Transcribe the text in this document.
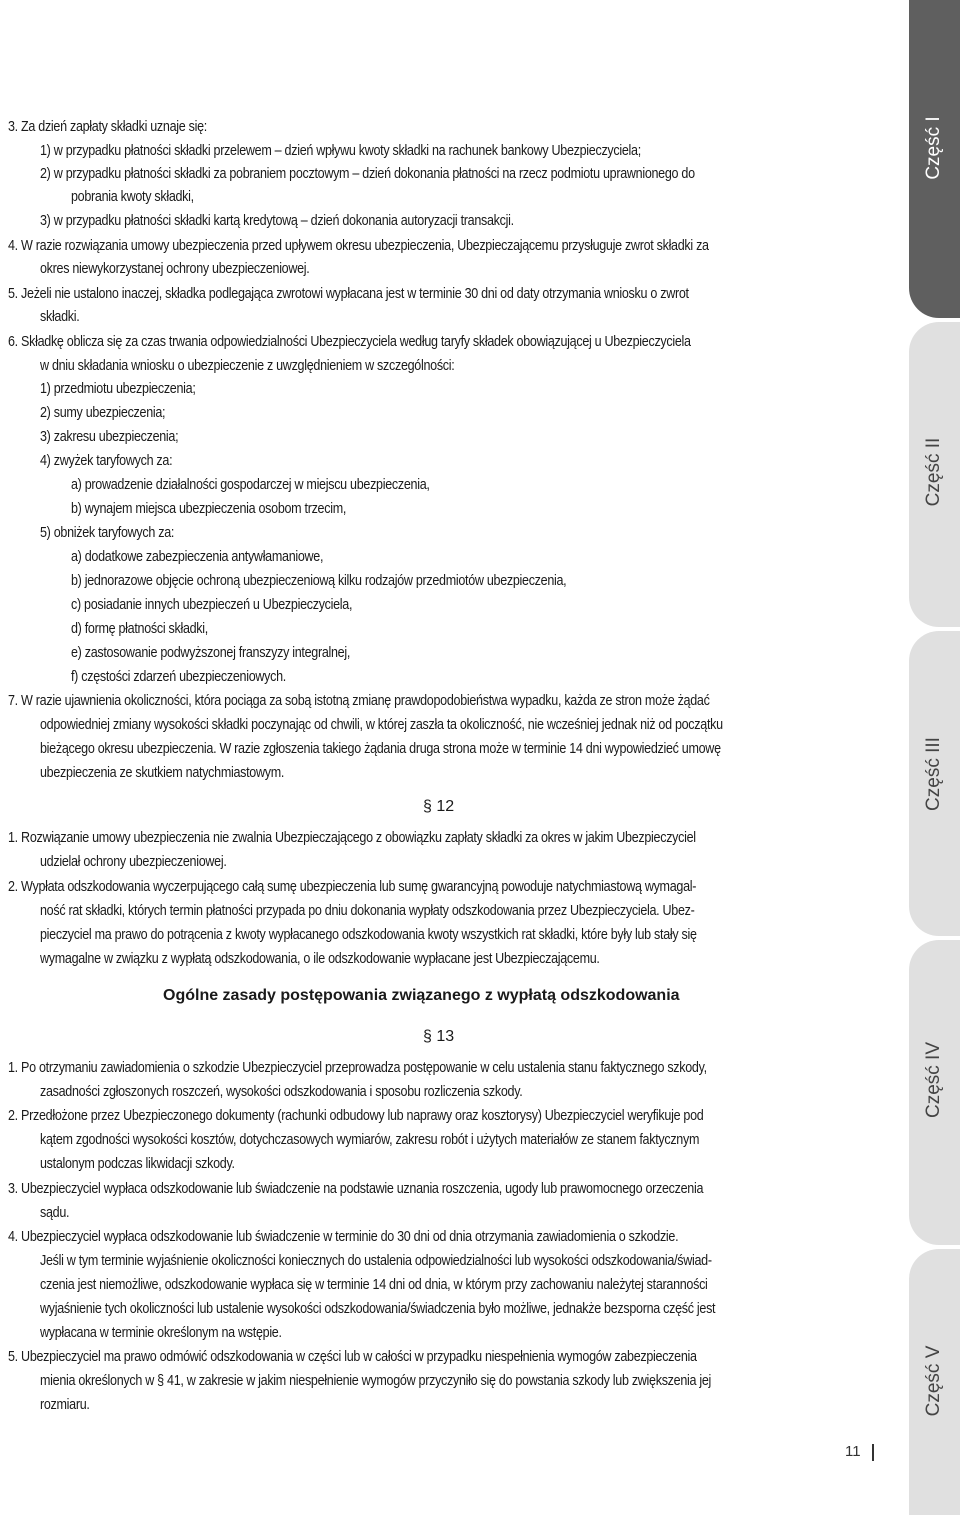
3. Za dzień zapłaty składki uznaje się:
1) w przypadku płatności składki przelewem – dzień wpływu kwoty składki na rachunek bankowy Ubezpieczyciela;
2) w przypadku płatności składki za pobraniem pocztowym – dzień dokonania płatności na rzecz podmiotu uprawnionego do
pobrania kwoty składki,
3) w przypadku płatności składki kartą kredytową – dzień dokonania autoryzacji transakcji.
4. W razie rozwiązania umowy ubezpieczenia przed upływem okresu ubezpieczenia, Ubezpieczającemu przysługuje zwrot składki za
okres niewykorzystanej ochrony ubezpieczeniowej.
5. Jeżeli nie ustalono inaczej, składka podlegająca zwrotowi wypłacana jest w terminie 30 dni od daty otrzymania wniosku o zwrot
składki.
6. Składkę oblicza się za czas trwania odpowiedzialności Ubezpieczyciela według taryfy składek obowiązującej u Ubezpieczyciela
w dniu składania wniosku o ubezpieczenie z uwzględnieniem w szczególności:
1) przedmiotu ubezpieczenia;
2) sumy ubezpieczenia;
3) zakresu ubezpieczenia;
4) zwyżek taryfowych za:
a) prowadzenie działalności gospodarczej w miejscu ubezpieczenia,
b) wynajem miejsca ubezpieczenia osobom trzecim,
5) obniżek taryfowych za:
a) dodatkowe zabezpieczenia antywłamaniowe,
b) jednorazowe objęcie ochroną ubezpieczeniową kilku rodzajów przedmiotów ubezpieczenia,
c) posiadanie innych ubezpieczeń u Ubezpieczyciela,
d) formę płatności składki,
e) zastosowanie podwyższonej franszyzy integralnej,
f) częstości zdarzeń ubezpieczeniowych.
7. W razie ujawnienia okoliczności, która pociąga za sobą istotną zmianę prawdopodobieństwa wypadku, każda ze stron może żądać
odpowiedniej zmiany wysokości składki poczynając od chwili, w której zaszła ta okoliczność, nie wcześniej jednak niż od początku
bieżącego okresu ubezpieczenia. W razie zgłoszenia takiego żądania druga strona może w terminie 14 dni wypowiedzieć umowę
ubezpieczenia ze skutkiem natychmiastowym.
§ 12
1. Rozwiązanie umowy ubezpieczenia nie zwalnia Ubezpieczającego z obowiązku zapłaty składki za okres w jakim Ubezpieczyciel
udzielał ochrony ubezpieczeniowej.
2. Wypłata odszkodowania wyczerpującego całą sumę ubezpieczenia lub sumę gwarancyjną powoduje natychmiastową wymagal-
ność rat składki, których termin płatności przypada po dniu dokonania wypłaty odszkodowania przez Ubezpieczyciela. Ubez-
pieczyciel ma prawo do potrącenia z kwoty wypłacanego odszkodowania kwoty wszystkich rat składki, które były lub stały się
wymagalne w związku z wypłatą odszkodowania, o ile odszkodowanie wypłacane jest Ubezpieczającemu.
Ogólne zasady postępowania związanego z wypłatą odszkodowania
§ 13
1. Po otrzymaniu zawiadomienia o szkodzie Ubezpieczyciel przeprowadza postępowanie w celu ustalenia stanu faktycznego szkody,
zasadności zgłoszonych roszczeń, wysokości odszkodowania i sposobu rozliczenia szkody.
2. Przedłożone przez Ubezpieczonego dokumenty (rachunki odbudowy lub naprawy oraz kosztorysy) Ubezpieczyciel weryfikuje pod
kątem zgodności wysokości kosztów, dotychczasowych wymiarów, zakresu robót i użytych materiałów ze stanem faktycznym
ustalonym podczas likwidacji szkody.
3. Ubezpieczyciel wypłaca odszkodowanie lub świadczenie na podstawie uznania roszczenia, ugody lub prawomocnego orzeczenia
sądu.
4. Ubezpieczyciel wypłaca odszkodowanie lub świadczenie w terminie do 30 dni od dnia otrzymania zawiadomienia o szkodzie.
Jeśli w tym terminie wyjaśnienie okoliczności koniecznych do ustalenia odpowiedzialności lub wysokości odszkodowania/świad-
czenia jest niemożliwe, odszkodowanie wypłaca się w terminie 14 dni od dnia, w którym przy zachowaniu należytej staranności
wyjaśnienie tych okoliczności lub ustalenie wysokości odszkodowania/świadczenia było możliwe, jednakże bezsporna część jest
wypłacana w terminie określonym na wstępie.
5. Ubezpieczyciel ma prawo odmówić odszkodowania w części lub w całości w przypadku niespełnienia wymogów zabezpieczenia
mienia określonych w § 41, w zakresie w jakim niespełnienie wymogów przyczyniło się do powstania szkody lub zwiększenia jej
rozmiaru.
Część I
Część II
Część III
Część IV
Część V
11
